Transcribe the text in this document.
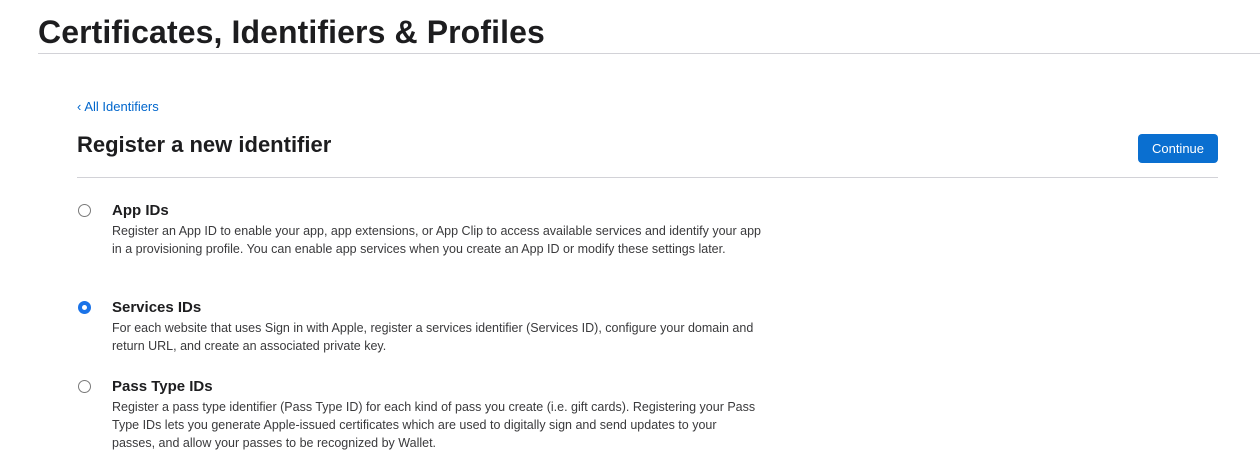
Certificates, Identifiers & Profiles
‹ All Identifiers
Register a new identifier	Continue
App IDs
Register an App ID to enable your app, app extensions, or App Clip to access available services and identify your app in a provisioning profile. You can enable app services when you create an App ID or modify these settings later.
Services IDs
For each website that uses Sign in with Apple, register a services identifier (Services ID), configure your domain and return URL, and create an associated private key.
Pass Type IDs
Register a pass type identifier (Pass Type ID) for each kind of pass you create (i.e. gift cards). Registering your Pass Type IDs lets you generate Apple-issued certificates which are used to digitally sign and send updates to your passes, and allow your passes to be recognized by Wallet.
